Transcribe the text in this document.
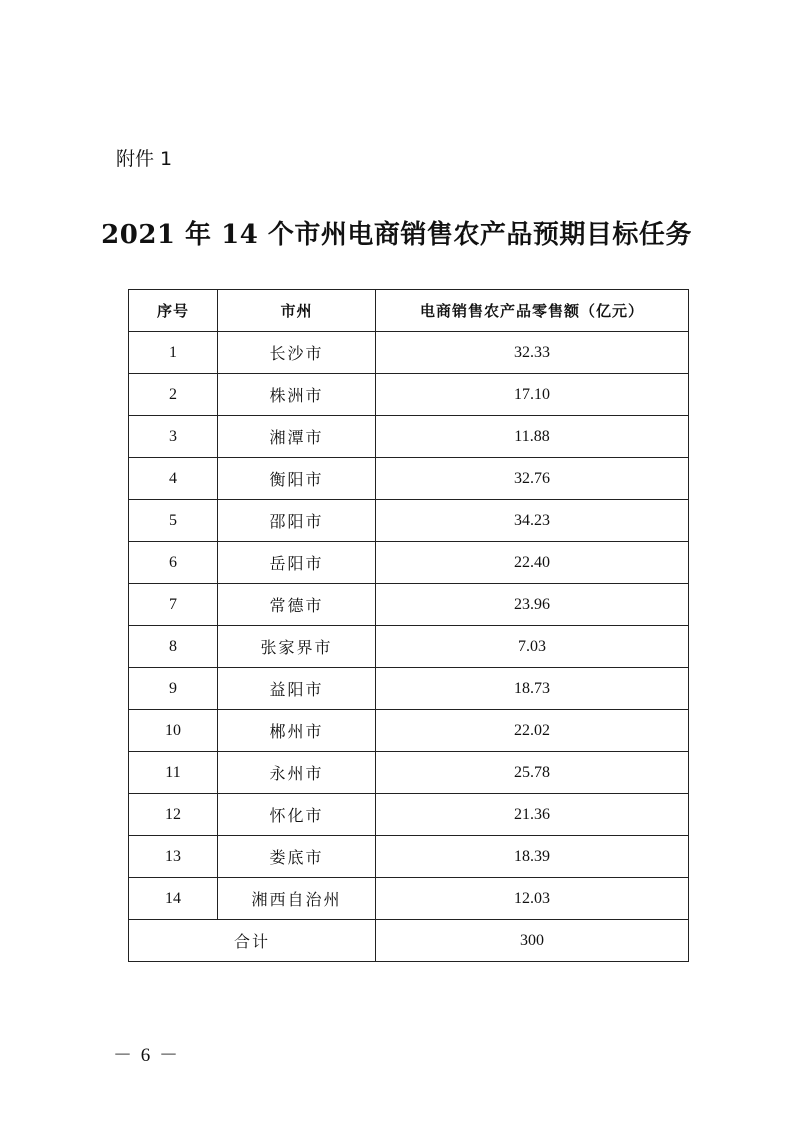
附件 1
2021 年 14 个市州电商销售农产品预期目标任务
序号	市州	电商销售农产品零售额（亿元）
1	长沙市	32.33
2	株洲市	17.10
3	湘潭市	11.88
4	衡阳市	32.76
5	邵阳市	34.23
6	岳阳市	22.40
7	常德市	23.96
8	张家界市	7.03
9	益阳市	18.73
10	郴州市	22.02
11	永州市	25.78
12	怀化市	21.36
13	娄底市	18.39
14	湘西自治州	12.03
合计		300
－ 6 －
